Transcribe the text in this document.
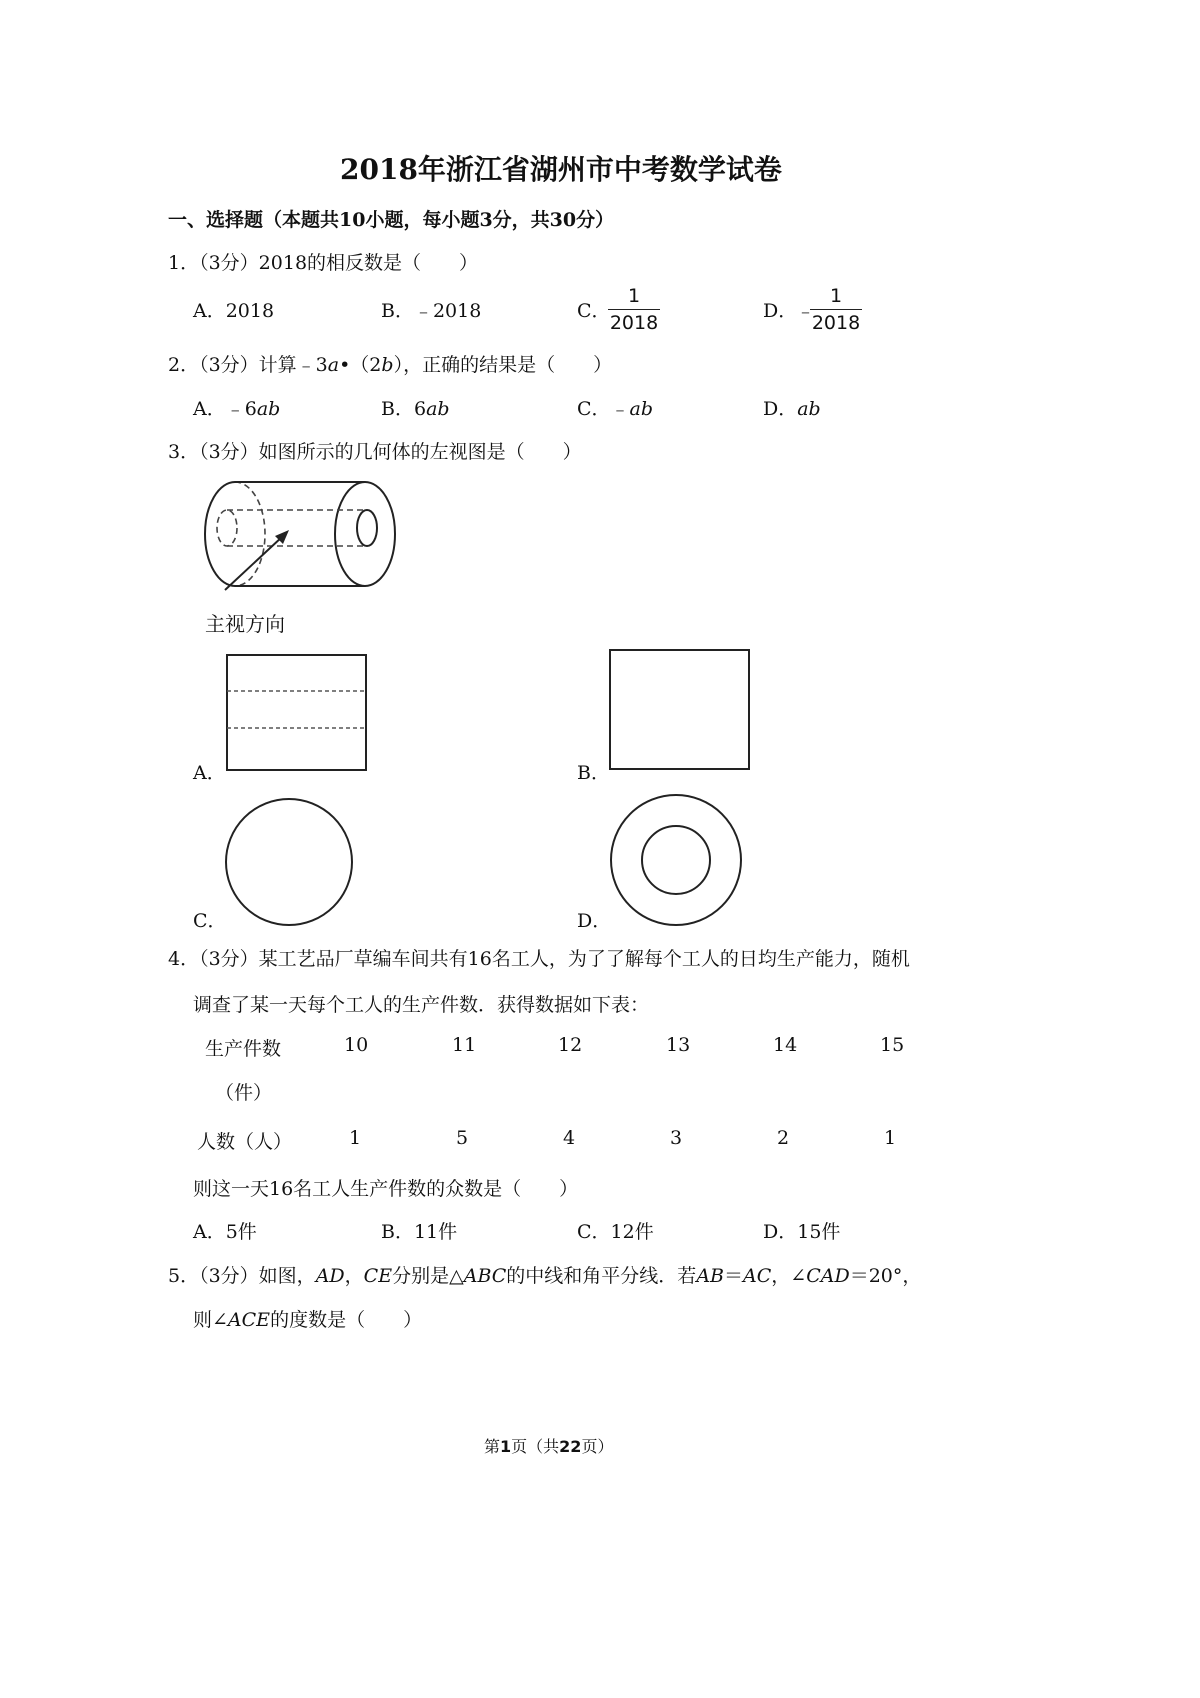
2018年浙江省湖州市中考数学试卷
一、选择题（本题共10小题，每小题3分，共30分）
1．（3分）2018的相反数是（　　）
A．2018	B．﹣2018	C．
1
2018
D．
﹣
1
2018
2．（3分）计算﹣3a•（2b），正确的结果是（　　）
A．﹣6ab	B．6ab	C．﹣ab	D．ab
3．（3分）如图所示的几何体的左视图是（　　）
主视方向
A．	B．
C．	D．
4．（3分）某工艺品厂草编车间共有16名工人，为了了解每个工人的日均生产能力，随机
调查了某一天每个工人的生产件数．获得数据如下表：
生产件数
（件）
10	11	12	13	14	15
人数（人）	1	5	4	3	2	1
则这一天16名工人生产件数的众数是（　　）
A．5件	B．11件	C．12件	D．15件
5．（3分）如图，AD，CE分别是△ABC的中线和角平分线．若AB＝AC，∠CAD＝20°，
则∠ACE的度数是（　　）
第1页（共22页）
